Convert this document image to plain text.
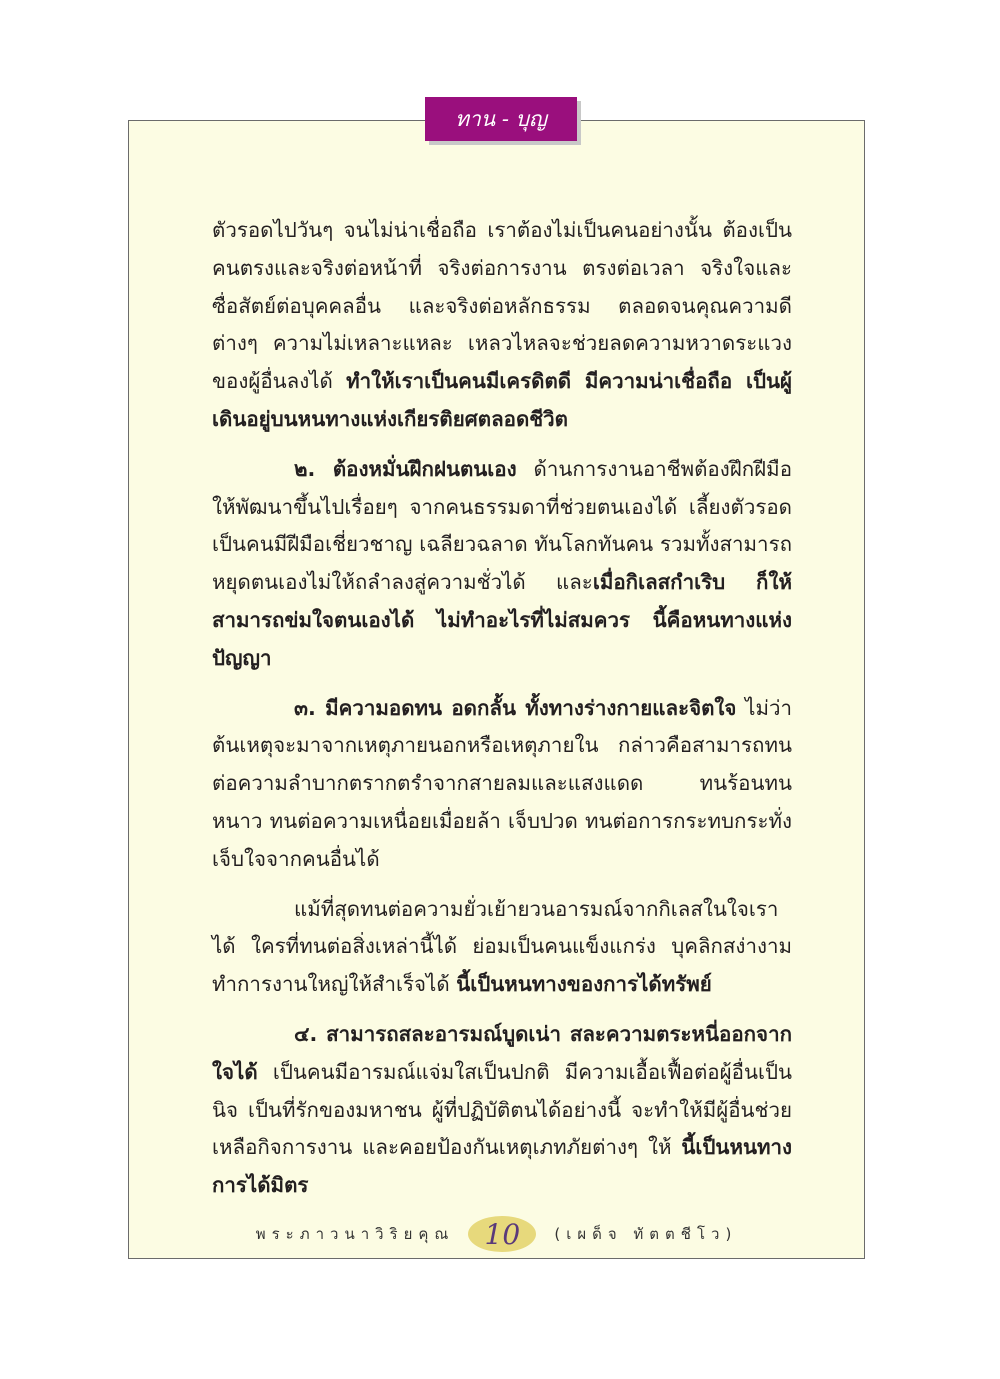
ทาน - บุญ

ตัวรอดไปวันๆ จนไม่น่าเชื่อถือ เราต้องไม่เป็นคนอย่างนั้น ต้องเป็นคนตรงและจริงต่อหน้าที่ จริงต่อการงาน ตรงต่อเวลา จริงใจและซื่อสัตย์ต่อบุคคลอื่น และจริงต่อหลักธรรม ตลอดจนคุณความดีต่างๆ ความไม่เหลาะแหละ เหลวไหลจะช่วยลดความหวาดระแวงของผู้อื่นลงได้ ทำให้เราเป็นคนมีเครดิตดี มีความน่าเชื่อถือ เป็นผู้เดินอยู่บนหนทางแห่งเกียรติยศตลอดชีวิต

๒. ต้องหมั่นฝึกฝนตนเอง ด้านการงานอาชีพต้องฝึกฝีมือให้พัฒนาขึ้นไปเรื่อยๆ จากคนธรรมดาที่ช่วยตนเองได้ เลี้ยงตัวรอด เป็นคนมีฝีมือเชี่ยวชาญ เฉลียวฉลาด ทันโลกทันคน รวมทั้งสามารถหยุดตนเองไม่ให้ถลำลงสู่ความชั่วได้ และเมื่อกิเลสกำเริบ ก็ให้สามารถข่มใจตนเองได้ ไม่ทำอะไรที่ไม่สมควร นี้คือหนทางแห่งปัญญา

๓. มีความอดทน อดกลั้น ทั้งทางร่างกายและจิตใจ ไม่ว่าต้นเหตุจะมาจากเหตุภายนอกหรือเหตุภายใน กล่าวคือสามารถทนต่อความลำบากตรากตรำจากสายลมและแสงแดด ทนร้อนทนหนาว ทนต่อความเหนื่อยเมื่อยล้า เจ็บปวด ทนต่อการกระทบกระทั่งเจ็บใจจากคนอื่นได้

แม้ที่สุดทนต่อความยั่วเย้ายวนอารมณ์จากกิเลสในใจเราได้ ใครที่ทนต่อสิ่งเหล่านี้ได้ ย่อมเป็นคนแข็งแกร่ง บุคลิกสง่างาม ทำการงานใหญ่ให้สำเร็จได้ นี้เป็นหนทางของการได้ทรัพย์

๔. สามารถสละอารมณ์บูดเน่า สละความตระหนี่ออกจากใจได้ เป็นคนมีอารมณ์แจ่มใสเป็นปกติ มีความเอื้อเฟื้อต่อผู้อื่นเป็นนิจ เป็นที่รักของมหาชน ผู้ที่ปฏิบัติตนได้อย่างนี้ จะทำให้มีผู้อื่นช่วยเหลือกิจการงาน และคอยป้องกันเหตุเภทภัยต่างๆ ให้ นี้เป็นหนทางการได้มิตร

พระภาวนาวิริยคุณ	10	(เผด็จ ทัตตชีโว)
